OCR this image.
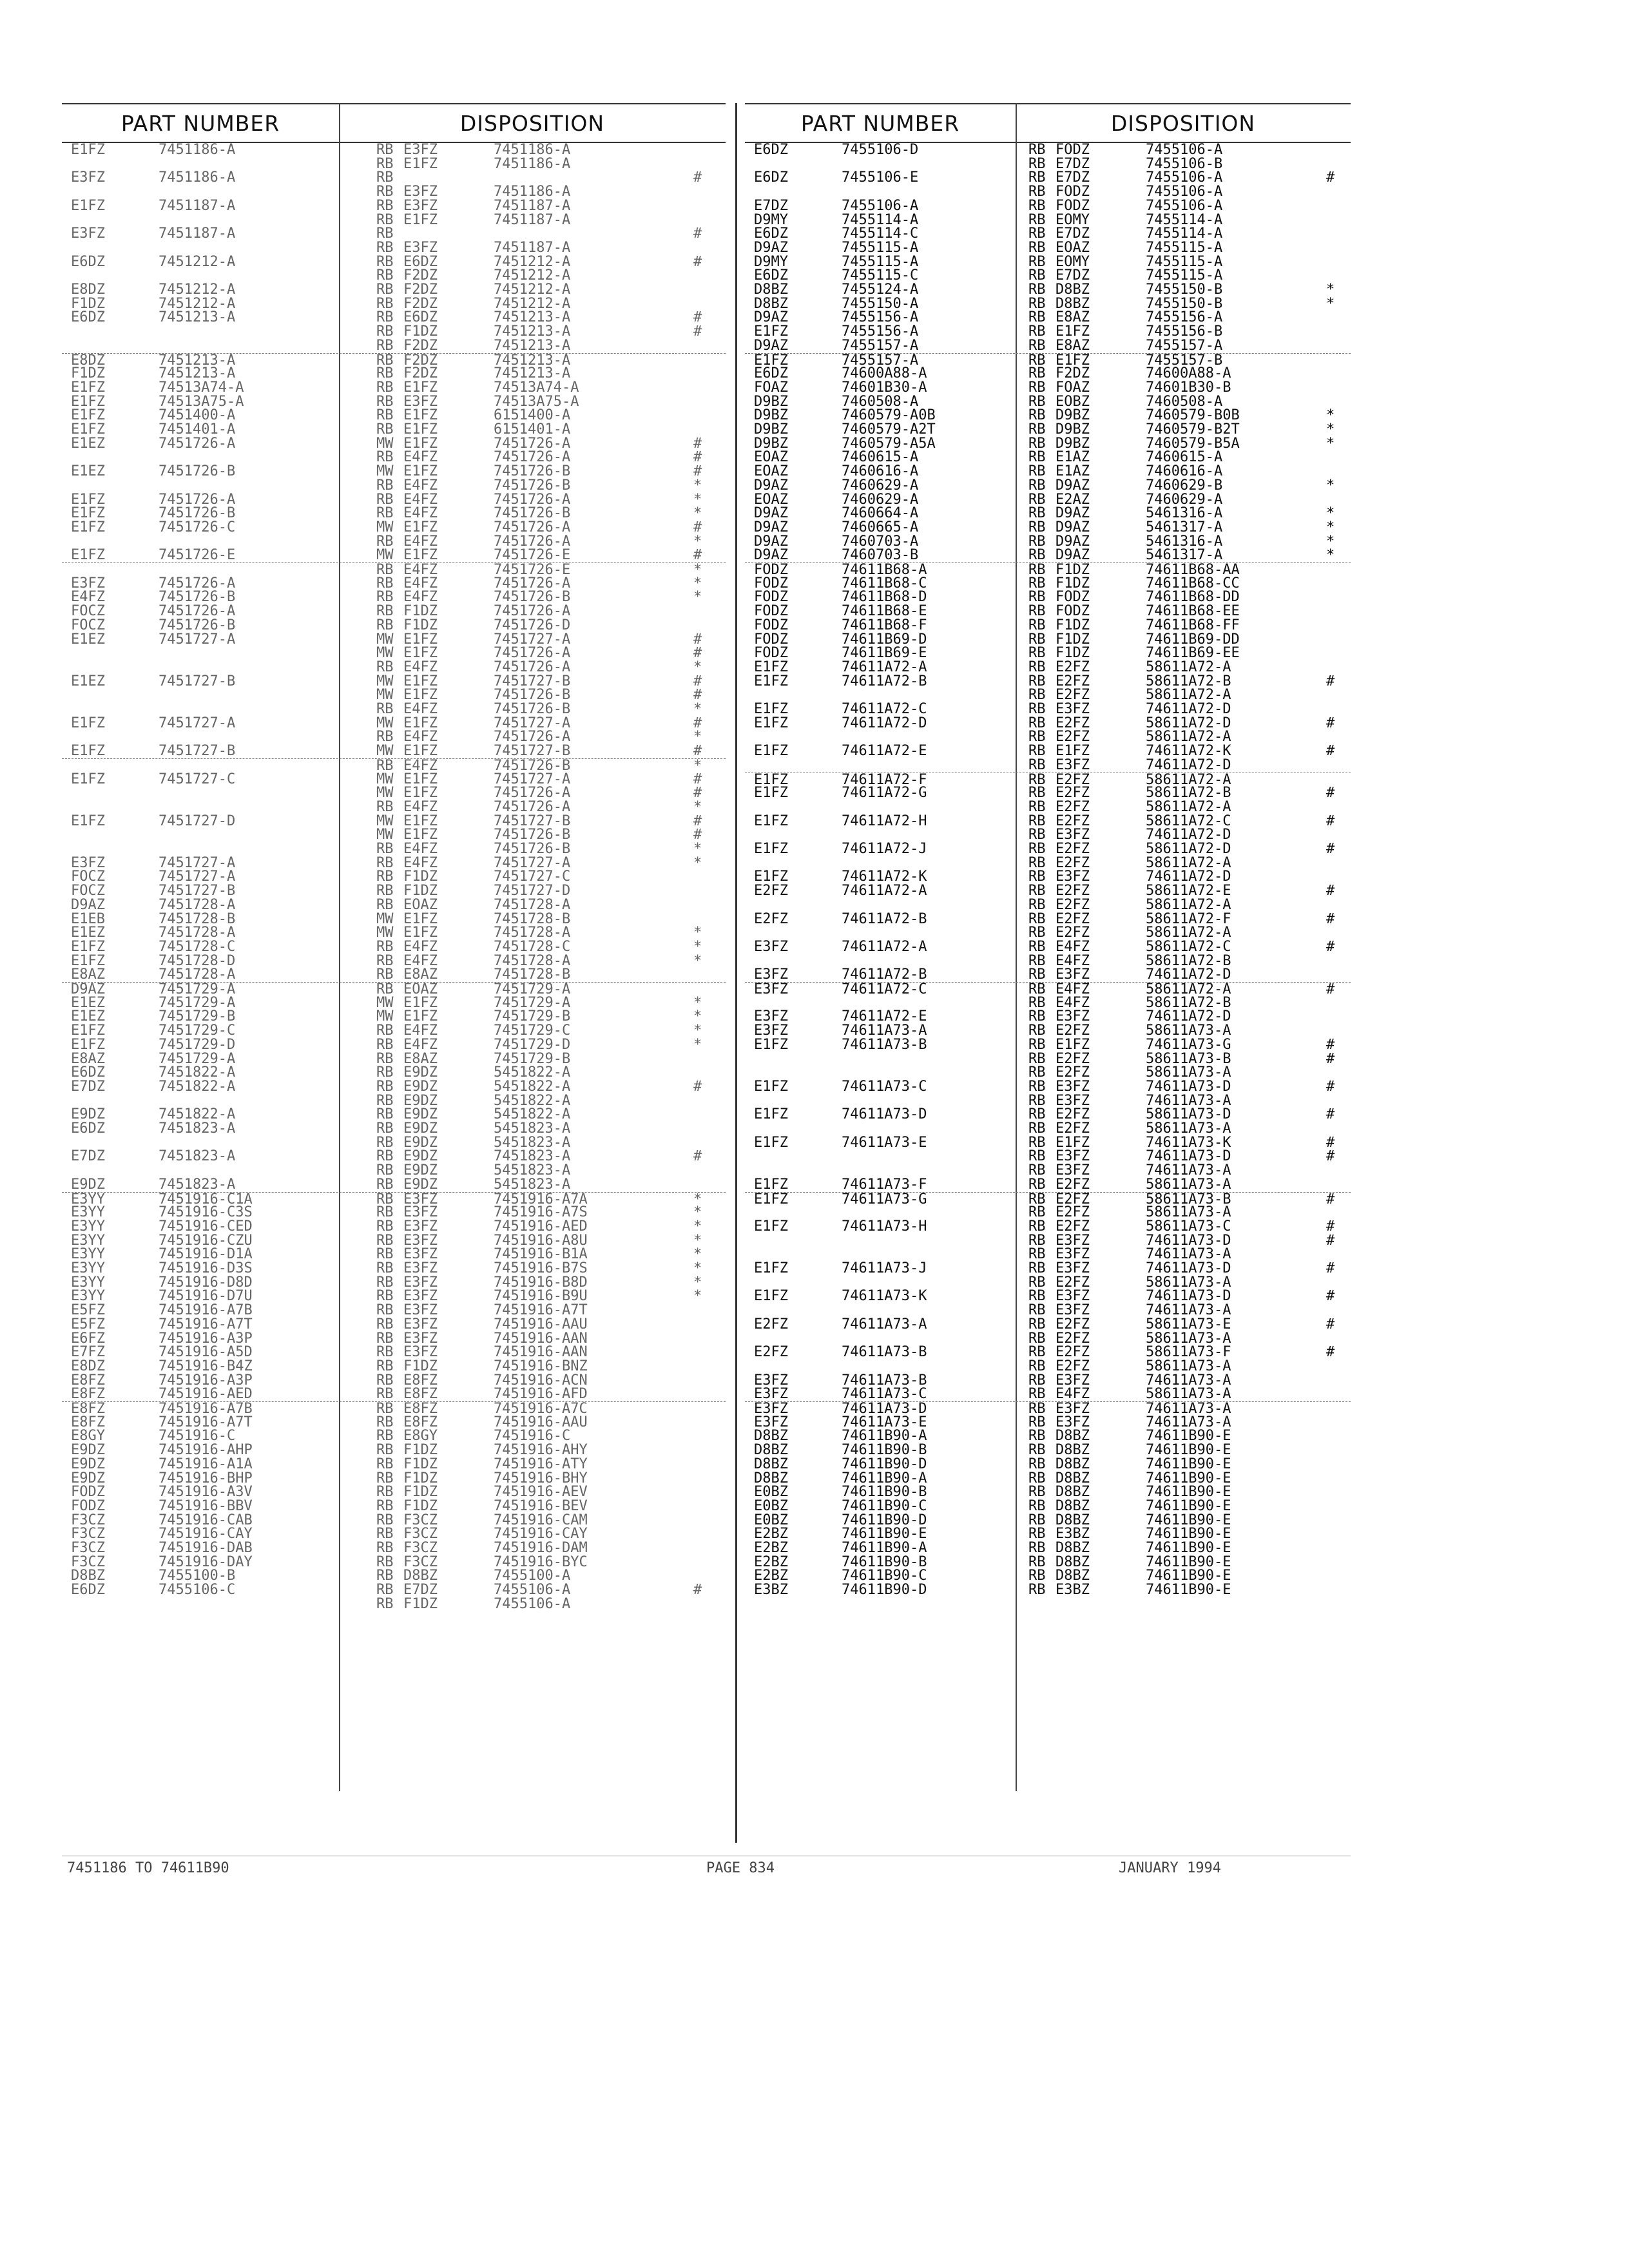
PART NUMBER	DISPOSITION
E1FZ	7451186-A	RB E3FZ	7451186-A
RB E1FZ	7451186-A
E3FZ	7451186-A	RB	#
RB E3FZ	7451186-A
E1FZ	7451187-A	RB E3FZ	7451187-A
RB E1FZ	7451187-A
E3FZ	7451187-A	RB	#
RB E3FZ	7451187-A
E6DZ	7451212-A	RB E6DZ	7451212-A	#
RB F2DZ	7451212-A
E8DZ	7451212-A	RB F2DZ	7451212-A
F1DZ	7451212-A	RB F2DZ	7451212-A
E6DZ	7451213-A	RB E6DZ	7451213-A	#
RB F1DZ	7451213-A	#
RB F2DZ	7451213-A
E8DZ	7451213-A	RB F2DZ	7451213-A
F1DZ	7451213-A	RB F2DZ	7451213-A
E1FZ	74513A74-A	RB E1FZ	74513A74-A
E1FZ	74513A75-A	RB E3FZ	74513A75-A
E1FZ	7451400-A	RB E1FZ	6151400-A
E1FZ	7451401-A	RB E1FZ	6151401-A
E1EZ	7451726-A	MW E1FZ	7451726-A	#
RB E4FZ	7451726-A	#
E1EZ	7451726-B	MW E1FZ	7451726-B	#
RB E4FZ	7451726-B	*
E1FZ	7451726-A	RB E4FZ	7451726-A	*
E1FZ	7451726-B	RB E4FZ	7451726-B	*
E1FZ	7451726-C	MW E1FZ	7451726-A	#
RB E4FZ	7451726-A	*
E1FZ	7451726-E	MW E1FZ	7451726-E	#
RB E4FZ	7451726-E	*
E3FZ	7451726-A	RB E4FZ	7451726-A	*
E4FZ	7451726-B	RB E4FZ	7451726-B	*
FOCZ	7451726-A	RB F1DZ	7451726-A
FOCZ	7451726-B	RB F1DZ	7451726-D
E1EZ	7451727-A	MW E1FZ	7451727-A	#
MW E1FZ	7451726-A	#
RB E4FZ	7451726-A	*
E1EZ	7451727-B	MW E1FZ	7451727-B	#
MW E1FZ	7451726-B	#
RB E4FZ	7451726-B	*
E1FZ	7451727-A	MW E1FZ	7451727-A	#
RB E4FZ	7451726-A	*
E1FZ	7451727-B	MW E1FZ	7451727-B	#
RB E4FZ	7451726-B	*
E1FZ	7451727-C	MW E1FZ	7451727-A	#
MW E1FZ	7451726-A	#
RB E4FZ	7451726-A	*
E1FZ	7451727-D	MW E1FZ	7451727-B	#
MW E1FZ	7451726-B	#
RB E4FZ	7451726-B	*
E3FZ	7451727-A	RB E4FZ	7451727-A	*
FOCZ	7451727-A	RB F1DZ	7451727-C
FOCZ	7451727-B	RB F1DZ	7451727-D
D9AZ	7451728-A	RB EOAZ	7451728-A
E1EB	7451728-B	MW E1FZ	7451728-B
E1EZ	7451728-A	MW E1FZ	7451728-A	*
E1FZ	7451728-C	RB E4FZ	7451728-C	*
E1FZ	7451728-D	RB E4FZ	7451728-A	*
E8AZ	7451728-A	RB E8AZ	7451728-B
D9AZ	7451729-A	RB EOAZ	7451729-A
E1EZ	7451729-A	MW E1FZ	7451729-A	*
E1EZ	7451729-B	MW E1FZ	7451729-B	*
E1FZ	7451729-C	RB E4FZ	7451729-C	*
E1FZ	7451729-D	RB E4FZ	7451729-D	*
E8AZ	7451729-A	RB E8AZ	7451729-B
E6DZ	7451822-A	RB E9DZ	5451822-A
E7DZ	7451822-A	RB E9DZ	5451822-A	#
RB E9DZ	5451822-A
E9DZ	7451822-A	RB E9DZ	5451822-A
E6DZ	7451823-A	RB E9DZ	5451823-A
RB E9DZ	5451823-A
E7DZ	7451823-A	RB E9DZ	7451823-A	#
RB E9DZ	5451823-A
E9DZ	7451823-A	RB E9DZ	5451823-A
E3YY	7451916-C1A	RB E3FZ	7451916-A7A	*
E3YY	7451916-C3S	RB E3FZ	7451916-A7S	*
E3YY	7451916-CED	RB E3FZ	7451916-AED	*
E3YY	7451916-CZU	RB E3FZ	7451916-A8U	*
E3YY	7451916-D1A	RB E3FZ	7451916-B1A	*
E3YY	7451916-D3S	RB E3FZ	7451916-B7S	*
E3YY	7451916-D8D	RB E3FZ	7451916-B8D	*
E3YY	7451916-D7U	RB E3FZ	7451916-B9U	*
E5FZ	7451916-A7B	RB E3FZ	7451916-A7T
E5FZ	7451916-A7T	RB E3FZ	7451916-AAU
E6FZ	7451916-A3P	RB E3FZ	7451916-AAN
E7FZ	7451916-A5D	RB E3FZ	7451916-AAN
E8DZ	7451916-B4Z	RB F1DZ	7451916-BNZ
E8FZ	7451916-A3P	RB E8FZ	7451916-ACN
E8FZ	7451916-AED	RB E8FZ	7451916-AFD
E8FZ	7451916-A7B	RB E8FZ	7451916-A7C
E8FZ	7451916-A7T	RB E8FZ	7451916-AAU
E8GY	7451916-C	RB E8GY	7451916-C
E9DZ	7451916-AHP	RB F1DZ	7451916-AHY
E9DZ	7451916-A1A	RB F1DZ	7451916-ATY
E9DZ	7451916-BHP	RB F1DZ	7451916-BHY
FODZ	7451916-A3V	RB F1DZ	7451916-AEV
FODZ	7451916-BBV	RB F1DZ	7451916-BEV
F3CZ	7451916-CAB	RB F3CZ	7451916-CAM
F3CZ	7451916-CAY	RB F3CZ	7451916-CAY
F3CZ	7451916-DAB	RB F3CZ	7451916-DAM
F3CZ	7451916-DAY	RB F3CZ	7451916-BYC
D8BZ	7455100-B	RB D8BZ	7455100-A
E6DZ	7455106-C	RB E7DZ	7455106-A	#
RB F1DZ	7455106-A
PART NUMBER	DISPOSITION
E6DZ	7455106-D	RB FODZ	7455106-A
RB E7DZ	7455106-B
E6DZ	7455106-E	RB E7DZ	7455106-A	#
RB FODZ	7455106-A
E7DZ	7455106-A	RB FODZ	7455106-A
D9MY	7455114-A	RB EOMY	7455114-A
E6DZ	7455114-C	RB E7DZ	7455114-A
D9AZ	7455115-A	RB EOAZ	7455115-A
D9MY	7455115-A	RB EOMY	7455115-A
E6DZ	7455115-C	RB E7DZ	7455115-A
D8BZ	7455124-A	RB D8BZ	7455150-B	*
D8BZ	7455150-A	RB D8BZ	7455150-B	*
D9AZ	7455156-A	RB E8AZ	7455156-A
E1FZ	7455156-A	RB E1FZ	7455156-B
D9AZ	7455157-A	RB E8AZ	7455157-A
E1FZ	7455157-A	RB E1FZ	7455157-B
E6DZ	74600A88-A	RB F2DZ	74600A88-A
FOAZ	74601B30-A	RB FOAZ	74601B30-B
D9BZ	7460508-A	RB EOBZ	7460508-A
D9BZ	7460579-A0B	RB D9BZ	7460579-B0B	*
D9BZ	7460579-A2T	RB D9BZ	7460579-B2T	*
D9BZ	7460579-A5A	RB D9BZ	7460579-B5A	*
EOAZ	7460615-A	RB E1AZ	7460615-A
EOAZ	7460616-A	RB E1AZ	7460616-A
D9AZ	7460629-A	RB D9AZ	7460629-B	*
EOAZ	7460629-A	RB E2AZ	7460629-A
D9AZ	7460664-A	RB D9AZ	5461316-A	*
D9AZ	7460665-A	RB D9AZ	5461317-A	*
D9AZ	7460703-A	RB D9AZ	5461316-A	*
D9AZ	7460703-B	RB D9AZ	5461317-A	*
FODZ	74611B68-A	RB F1DZ	74611B68-AA
FODZ	74611B68-C	RB F1DZ	74611B68-CC
FODZ	74611B68-D	RB FODZ	74611B68-DD
FODZ	74611B68-E	RB FODZ	74611B68-EE
FODZ	74611B68-F	RB F1DZ	74611B68-FF
FODZ	74611B69-D	RB F1DZ	74611B69-DD
FODZ	74611B69-E	RB F1DZ	74611B69-EE
E1FZ	74611A72-A	RB E2FZ	58611A72-A
E1FZ	74611A72-B	RB E2FZ	58611A72-B	#
RB E2FZ	58611A72-A
E1FZ	74611A72-C	RB E3FZ	74611A72-D
E1FZ	74611A72-D	RB E2FZ	58611A72-D	#
RB E2FZ	58611A72-A
E1FZ	74611A72-E	RB E1FZ	74611A72-K	#
RB E3FZ	74611A72-D
E1FZ	74611A72-F	RB E2FZ	58611A72-A
E1FZ	74611A72-G	RB E2FZ	58611A72-B	#
RB E2FZ	58611A72-A
E1FZ	74611A72-H	RB E2FZ	58611A72-C	#
RB E3FZ	74611A72-D
E1FZ	74611A72-J	RB E2FZ	58611A72-D	#
RB E2FZ	58611A72-A
E1FZ	74611A72-K	RB E3FZ	74611A72-D
E2FZ	74611A72-A	RB E2FZ	58611A72-E	#
RB E2FZ	58611A72-A
E2FZ	74611A72-B	RB E2FZ	58611A72-F	#
RB E2FZ	58611A72-A
E3FZ	74611A72-A	RB E4FZ	58611A72-C	#
RB E4FZ	58611A72-B
E3FZ	74611A72-B	RB E3FZ	74611A72-D
E3FZ	74611A72-C	RB E4FZ	58611A72-A	#
RB E4FZ	58611A72-B
E3FZ	74611A72-E	RB E3FZ	74611A72-D
E3FZ	74611A73-A	RB E2FZ	58611A73-A
E1FZ	74611A73-B	RB E1FZ	74611A73-G	#
RB E2FZ	58611A73-B	#
RB E2FZ	58611A73-A
E1FZ	74611A73-C	RB E3FZ	74611A73-D	#
RB E3FZ	74611A73-A
E1FZ	74611A73-D	RB E2FZ	58611A73-D	#
RB E2FZ	58611A73-A
E1FZ	74611A73-E	RB E1FZ	74611A73-K	#
RB E3FZ	74611A73-D	#
RB E3FZ	74611A73-A
E1FZ	74611A73-F	RB E2FZ	58611A73-A
E1FZ	74611A73-G	RB E2FZ	58611A73-B	#
RB E2FZ	58611A73-A
E1FZ	74611A73-H	RB E2FZ	58611A73-C	#
RB E3FZ	74611A73-D	#
RB E3FZ	74611A73-A
E1FZ	74611A73-J	RB E3FZ	74611A73-D	#
RB E2FZ	58611A73-A
E1FZ	74611A73-K	RB E3FZ	74611A73-D	#
RB E3FZ	74611A73-A
E2FZ	74611A73-A	RB E2FZ	58611A73-E	#
RB E2FZ	58611A73-A
E2FZ	74611A73-B	RB E2FZ	58611A73-F	#
RB E2FZ	58611A73-A
E3FZ	74611A73-B	RB E3FZ	74611A73-A
E3FZ	74611A73-C	RB E4FZ	58611A73-A
E3FZ	74611A73-D	RB E3FZ	74611A73-A
E3FZ	74611A73-E	RB E3FZ	74611A73-A
D8BZ	74611B90-A	RB D8BZ	74611B90-E
D8BZ	74611B90-B	RB D8BZ	74611B90-E
D8BZ	74611B90-D	RB D8BZ	74611B90-E
D8BZ	74611B90-A	RB D8BZ	74611B90-E
E0BZ	74611B90-B	RB D8BZ	74611B90-E
E0BZ	74611B90-C	RB D8BZ	74611B90-E
E0BZ	74611B90-D	RB D8BZ	74611B90-E
E2BZ	74611B90-E	RB E3BZ	74611B90-E
E2BZ	74611B90-A	RB D8BZ	74611B90-E
E2BZ	74611B90-B	RB D8BZ	74611B90-E
E2BZ	74611B90-C	RB D8BZ	74611B90-E
E3BZ	74611B90-D	RB E3BZ	74611B90-E
7451186 TO 74611B90	PAGE 834	JANUARY 1994
